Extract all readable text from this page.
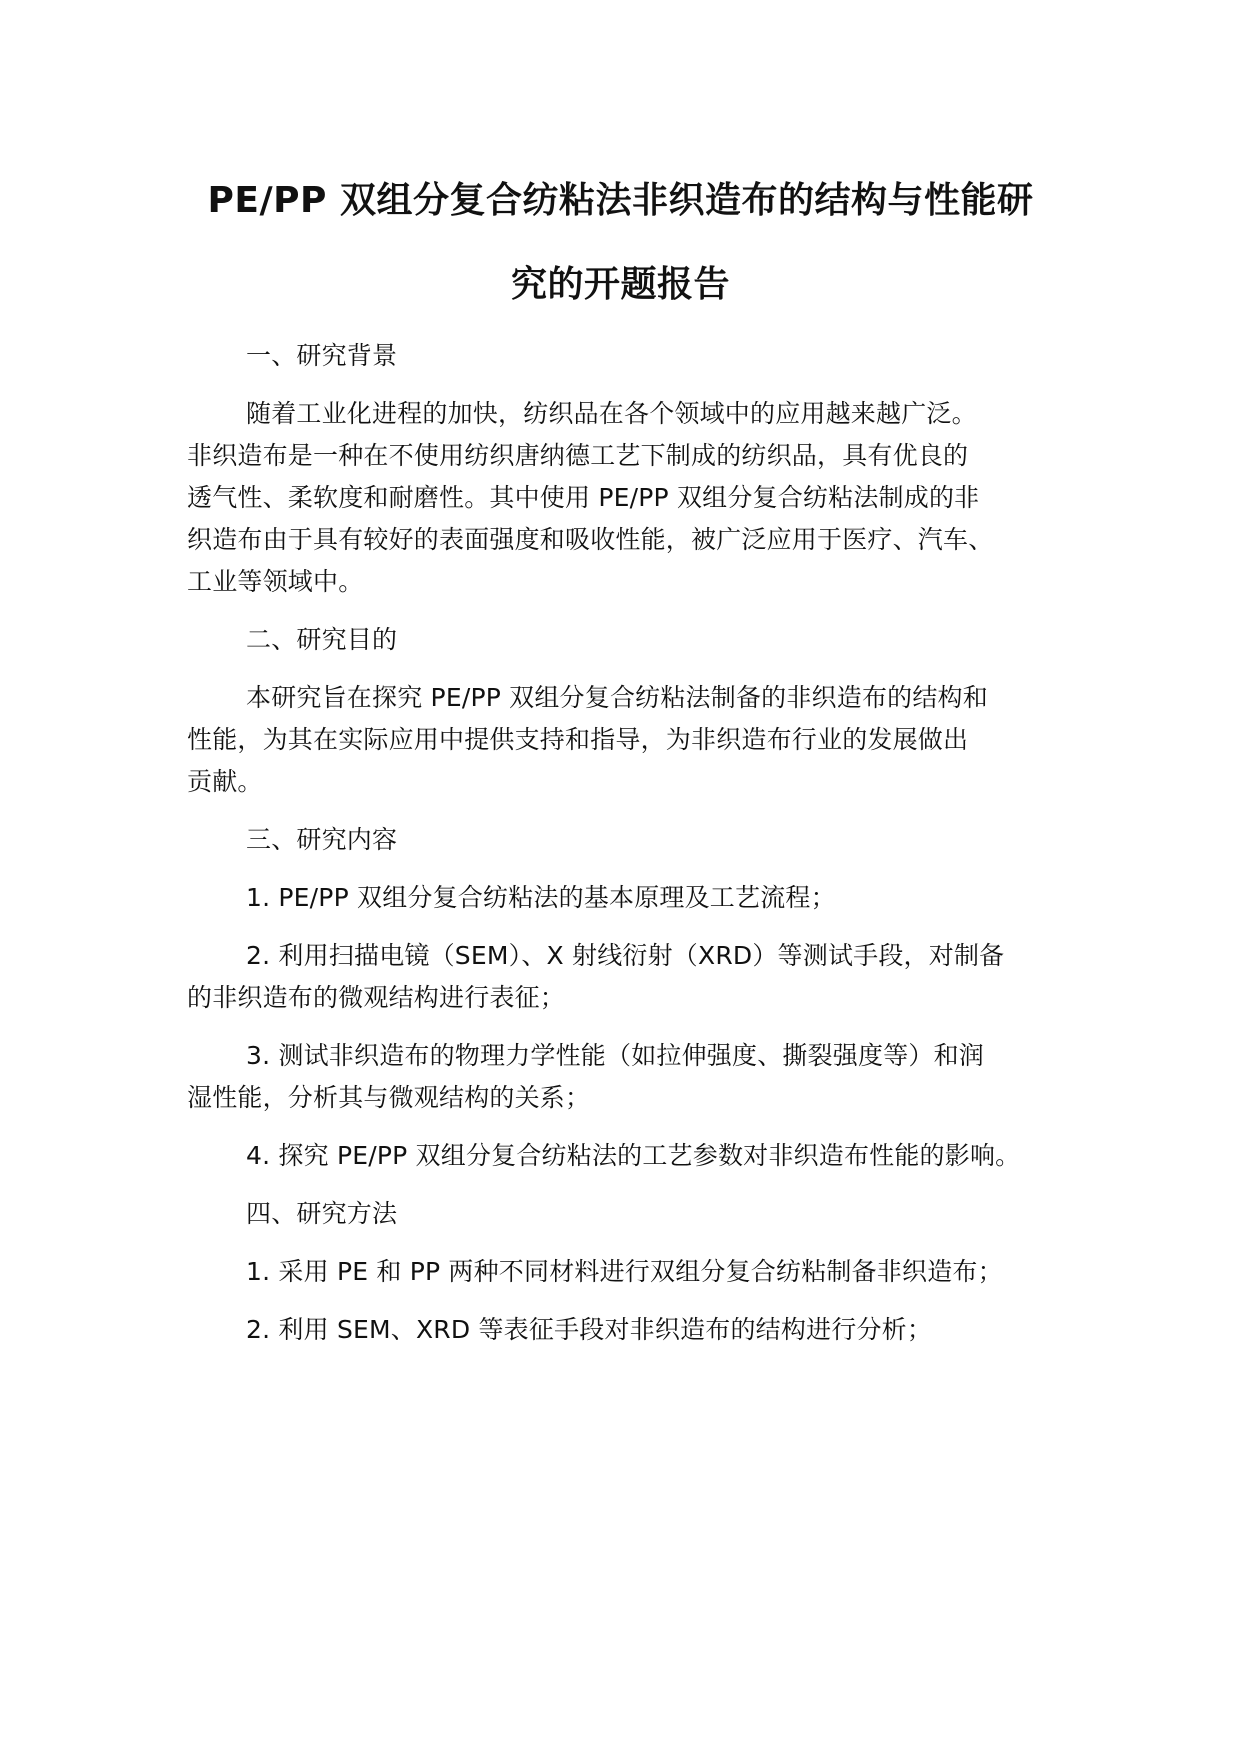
PE/PP 双组分复合纺粘法非织造布的结构与性能研
究的开题报告
一、研究背景
随着工业化进程的加快，纺织品在各个领域中的应用越来越广泛。
非织造布是一种在不使用纺织唐纳德工艺下制成的纺织品，具有优良的
透气性、柔软度和耐磨性。其中使用 PE/PP 双组分复合纺粘法制成的非
织造布由于具有较好的表面强度和吸收性能，被广泛应用于医疗、汽车、
工业等领域中。
二、研究目的
本研究旨在探究 PE/PP 双组分复合纺粘法制备的非织造布的结构和
性能，为其在实际应用中提供支持和指导，为非织造布行业的发展做出
贡献。
三、研究内容
1. PE/PP 双组分复合纺粘法的基本原理及工艺流程；
2. 利用扫描电镜（SEM）、X 射线衍射（XRD）等测试手段，对制备
的非织造布的微观结构进行表征；
3. 测试非织造布的物理力学性能（如拉伸强度、撕裂强度等）和润
湿性能，分析其与微观结构的关系；
4. 探究 PE/PP 双组分复合纺粘法的工艺参数对非织造布性能的影响。
四、研究方法
1. 采用 PE 和 PP 两种不同材料进行双组分复合纺粘制备非织造布；
2. 利用 SEM、XRD 等表征手段对非织造布的结构进行分析；
